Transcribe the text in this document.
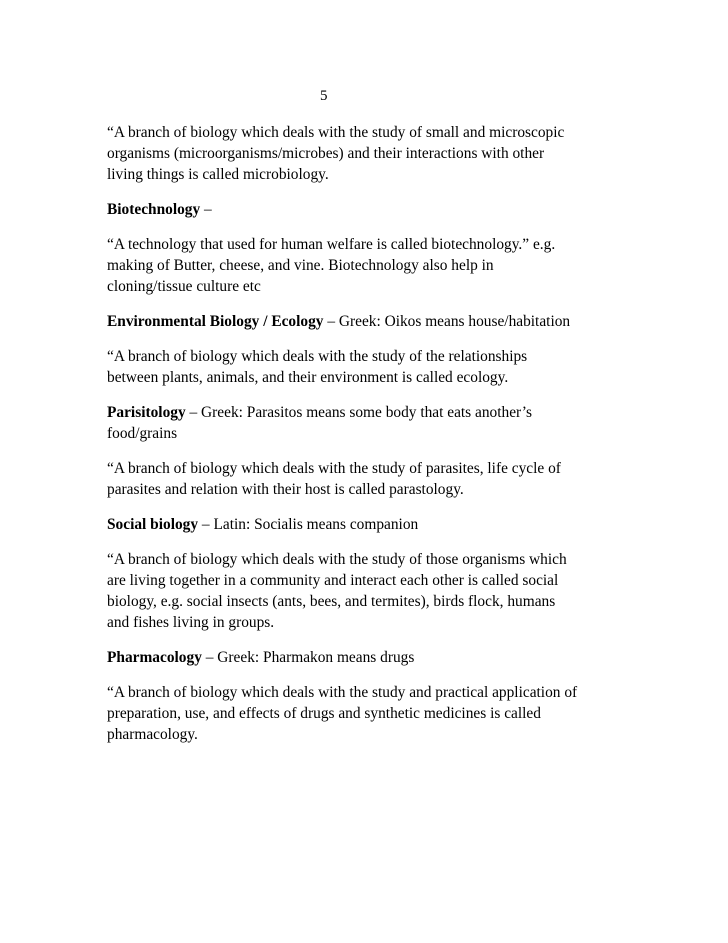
5

“A branch of biology which deals with the study of small and microscopic
organisms (microorganisms/microbes) and their interactions with other
living things is called microbiology.

Biotechnology –

“A technology that used for human welfare is called biotechnology.” e.g.
making of Butter, cheese, and vine. Biotechnology also help in
cloning/tissue culture etc

Environmental Biology / Ecology – Greek: Oikos means house/habitation

“A branch of biology which deals with the study of the relationships
between plants, animals, and their environment is called ecology.

Parisitology – Greek: Parasitos means some body that eats another’s
food/grains

“A branch of biology which deals with the study of parasites, life cycle of
parasites and relation with their host is called parastology.

Social biology – Latin: Socialis means companion

“A branch of biology which deals with the study of those organisms which
are living together in a community and interact each other is called social
biology, e.g. social insects (ants, bees, and termites), birds flock, humans
and fishes living in groups.

Pharmacology – Greek: Pharmakon means drugs

“A branch of biology which deals with the study and practical application of
preparation, use, and effects of drugs and synthetic medicines is called
pharmacology.
